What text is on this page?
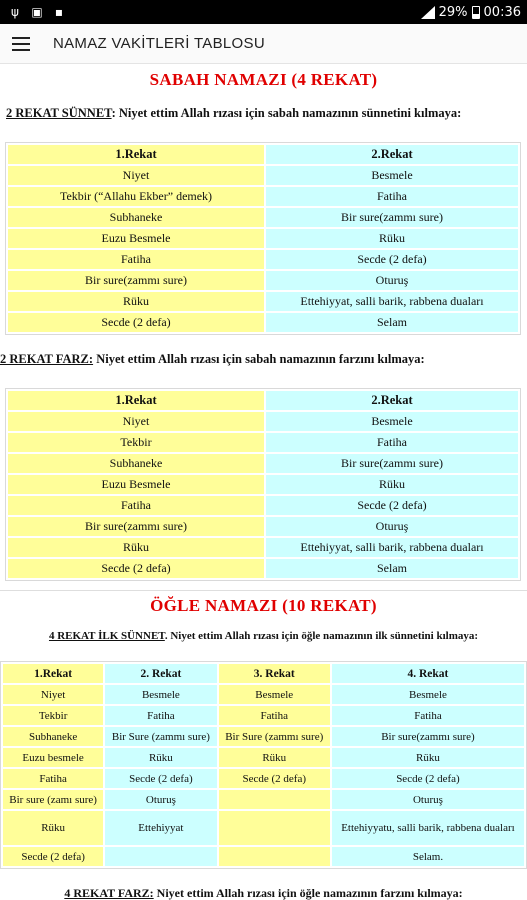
ψ ▣ ▪	29% 00:36
NAMAZ VAKİTLERİ TABLOSU
SABAH NAMAZI (4 REKAT)
2 REKAT SÜNNET: Niyet ettim Allah rızası için sabah namazının sünnetini kılmaya:
1.Rekat	2.Rekat
Niyet	Besmele
Tekbir (“Allahu Ekber” demek)	Fatiha
Subhaneke	Bir sure(zammı sure)
Euzu Besmele	Rüku
Fatiha	Secde (2 defa)
Bir sure(zammı sure)	Oturuş
Rüku	Ettehiyyat, salli barik, rabbena duaları
Secde (2 defa)	Selam
2 REKAT FARZ: Niyet ettim Allah rızası için sabah namazının farzını kılmaya:
1.Rekat	2.Rekat
Niyet	Besmele
Tekbir	Fatiha
Subhaneke	Bir sure(zammı sure)
Euzu Besmele	Rüku
Fatiha	Secde (2 defa)
Bir sure(zammı sure)	Oturuş
Rüku	Ettehiyyat, salli barik, rabbena duaları
Secde (2 defa)	Selam
ÖĞLE NAMAZI (10 REKAT)
4 REKAT İLK SÜNNET. Niyet ettim Allah rızası için öğle namazının ilk sünnetini kılmaya:
1.Rekat	2. Rekat	3. Rekat	4. Rekat
Niyet	Besmele	Besmele	Besmele
Tekbir	Fatiha	Fatiha	Fatiha
Subhaneke	Bir Sure (zammı sure)	Bir Sure (zammı sure)	Bir sure(zammı sure)
Euzu besmele	Rüku	Rüku	Rüku
Fatiha	Secde (2 defa)	Secde (2 defa)	Secde (2 defa)
Bir sure (zamı sure)	Oturuş		Oturuş
Rüku	Ettehiyyat		Ettehiyyatu, salli barik, rabbena duaları
Secde (2 defa)			Selam.
4 REKAT FARZ: Niyet ettim Allah rızası için öğle namazının farzını kılmaya:
